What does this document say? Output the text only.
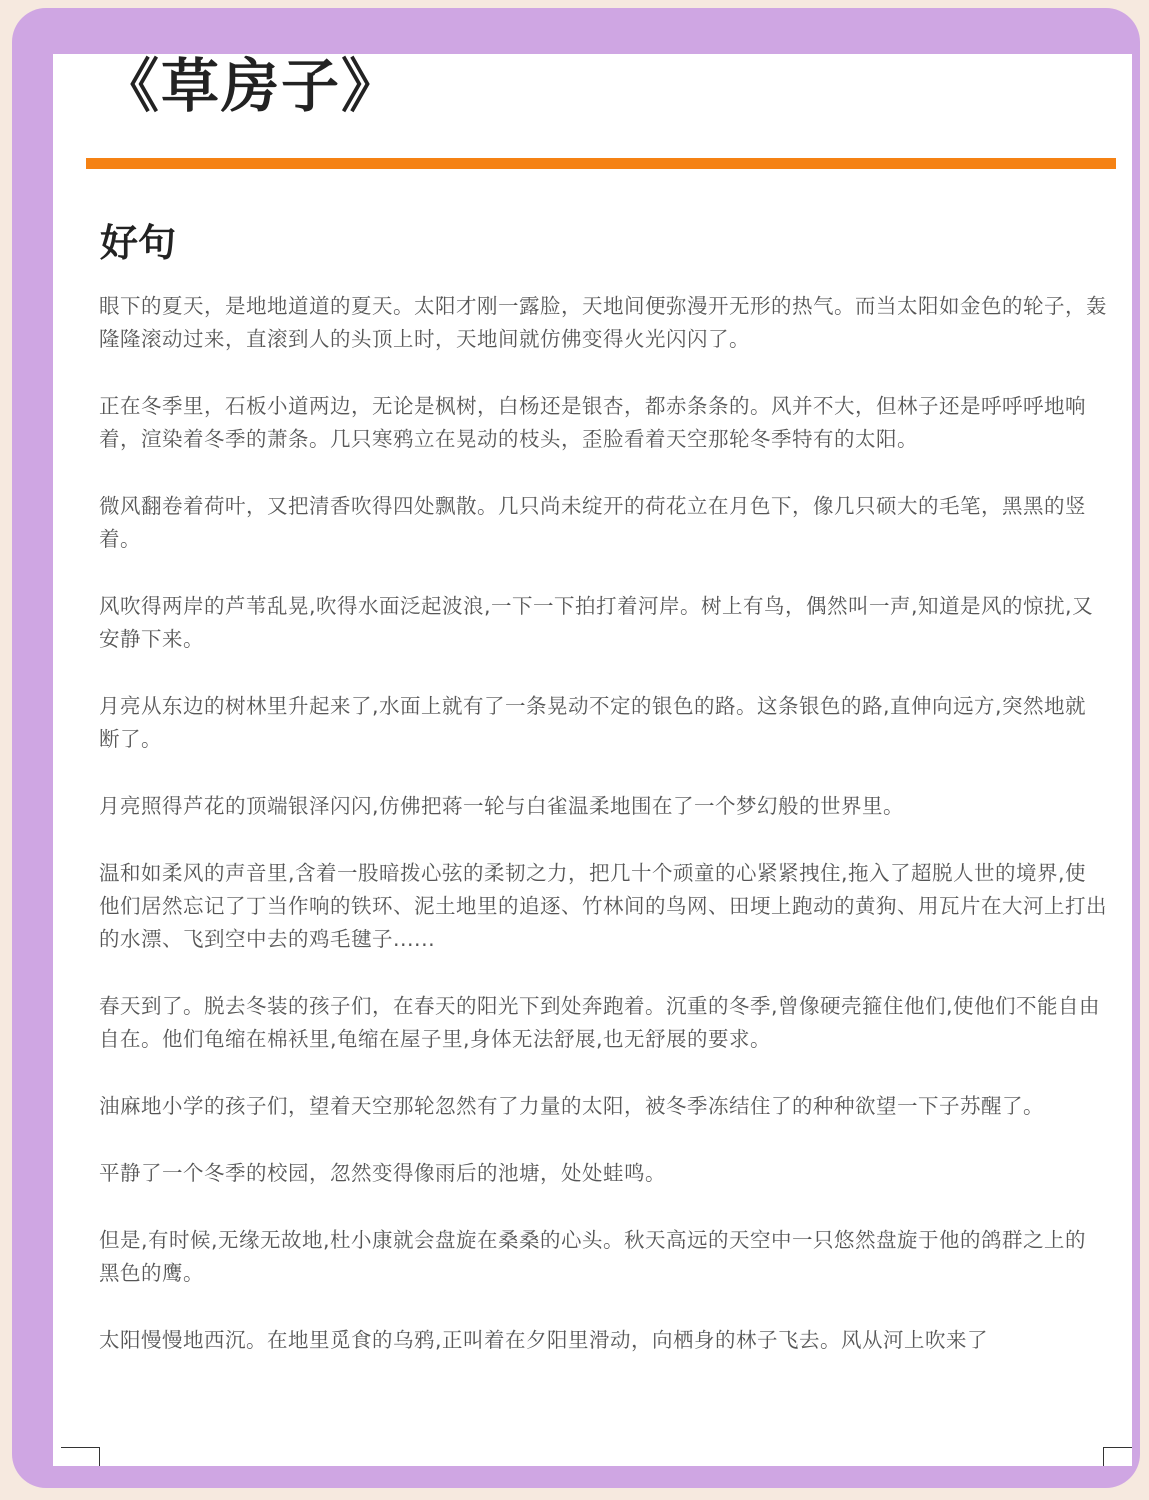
《草房子》
好句

眼下的夏天，是地地道道的夏天。太阳才刚一露脸，天地间便弥漫开无形的热气。而当太阳如金色的轮子，轰隆隆滚动过来，直滚到人的头顶上时，天地间就仿佛变得火光闪闪了。

正在冬季里，石板小道两边，无论是枫树，白杨还是银杏，都赤条条的。风并不大，但林子还是呼呼呼地响着，渲染着冬季的萧条。几只寒鸦立在晃动的枝头，歪脸看着天空那轮冬季特有的太阳。

微风翻卷着荷叶，又把清香吹得四处飘散。几只尚未绽开的荷花立在月色下，像几只硕大的毛笔，黑黑的竖着。

风吹得两岸的芦苇乱晃,吹得水面泛起波浪,一下一下拍打着河岸。树上有鸟，偶然叫一声,知道是风的惊扰,又安静下来。

月亮从东边的树林里升起来了,水面上就有了一条晃动不定的银色的路。这条银色的路,直伸向远方,突然地就断了。

月亮照得芦花的顶端银泽闪闪,仿佛把蒋一轮与白雀温柔地围在了一个梦幻般的世界里。

温和如柔风的声音里,含着一股暗拨心弦的柔韧之力，把几十个顽童的心紧紧拽住,拖入了超脱人世的境界,使他们居然忘记了丁当作响的铁环、泥土地里的追逐、竹林间的鸟网、田埂上跑动的黄狗、用瓦片在大河上打出的水漂、飞到空中去的鸡毛毽子......

春天到了。脱去冬装的孩子们，在春天的阳光下到处奔跑着。沉重的冬季,曾像硬壳箍住他们,使他们不能自由自在。他们龟缩在棉袄里,龟缩在屋子里,身体无法舒展,也无舒展的要求。

油麻地小学的孩子们，望着天空那轮忽然有了力量的太阳，被冬季冻结住了的种种欲望一下子苏醒了。

平静了一个冬季的校园，忽然变得像雨后的池塘，处处蛙鸣。

但是,有时候,无缘无故地,杜小康就会盘旋在桑桑的心头。秋天高远的天空中一只悠然盘旋于他的鸽群之上的黑色的鹰。

太阳慢慢地西沉。在地里觅食的乌鸦,正叫着在夕阳里滑动，向栖身的林子飞去。风从河上吹来了
